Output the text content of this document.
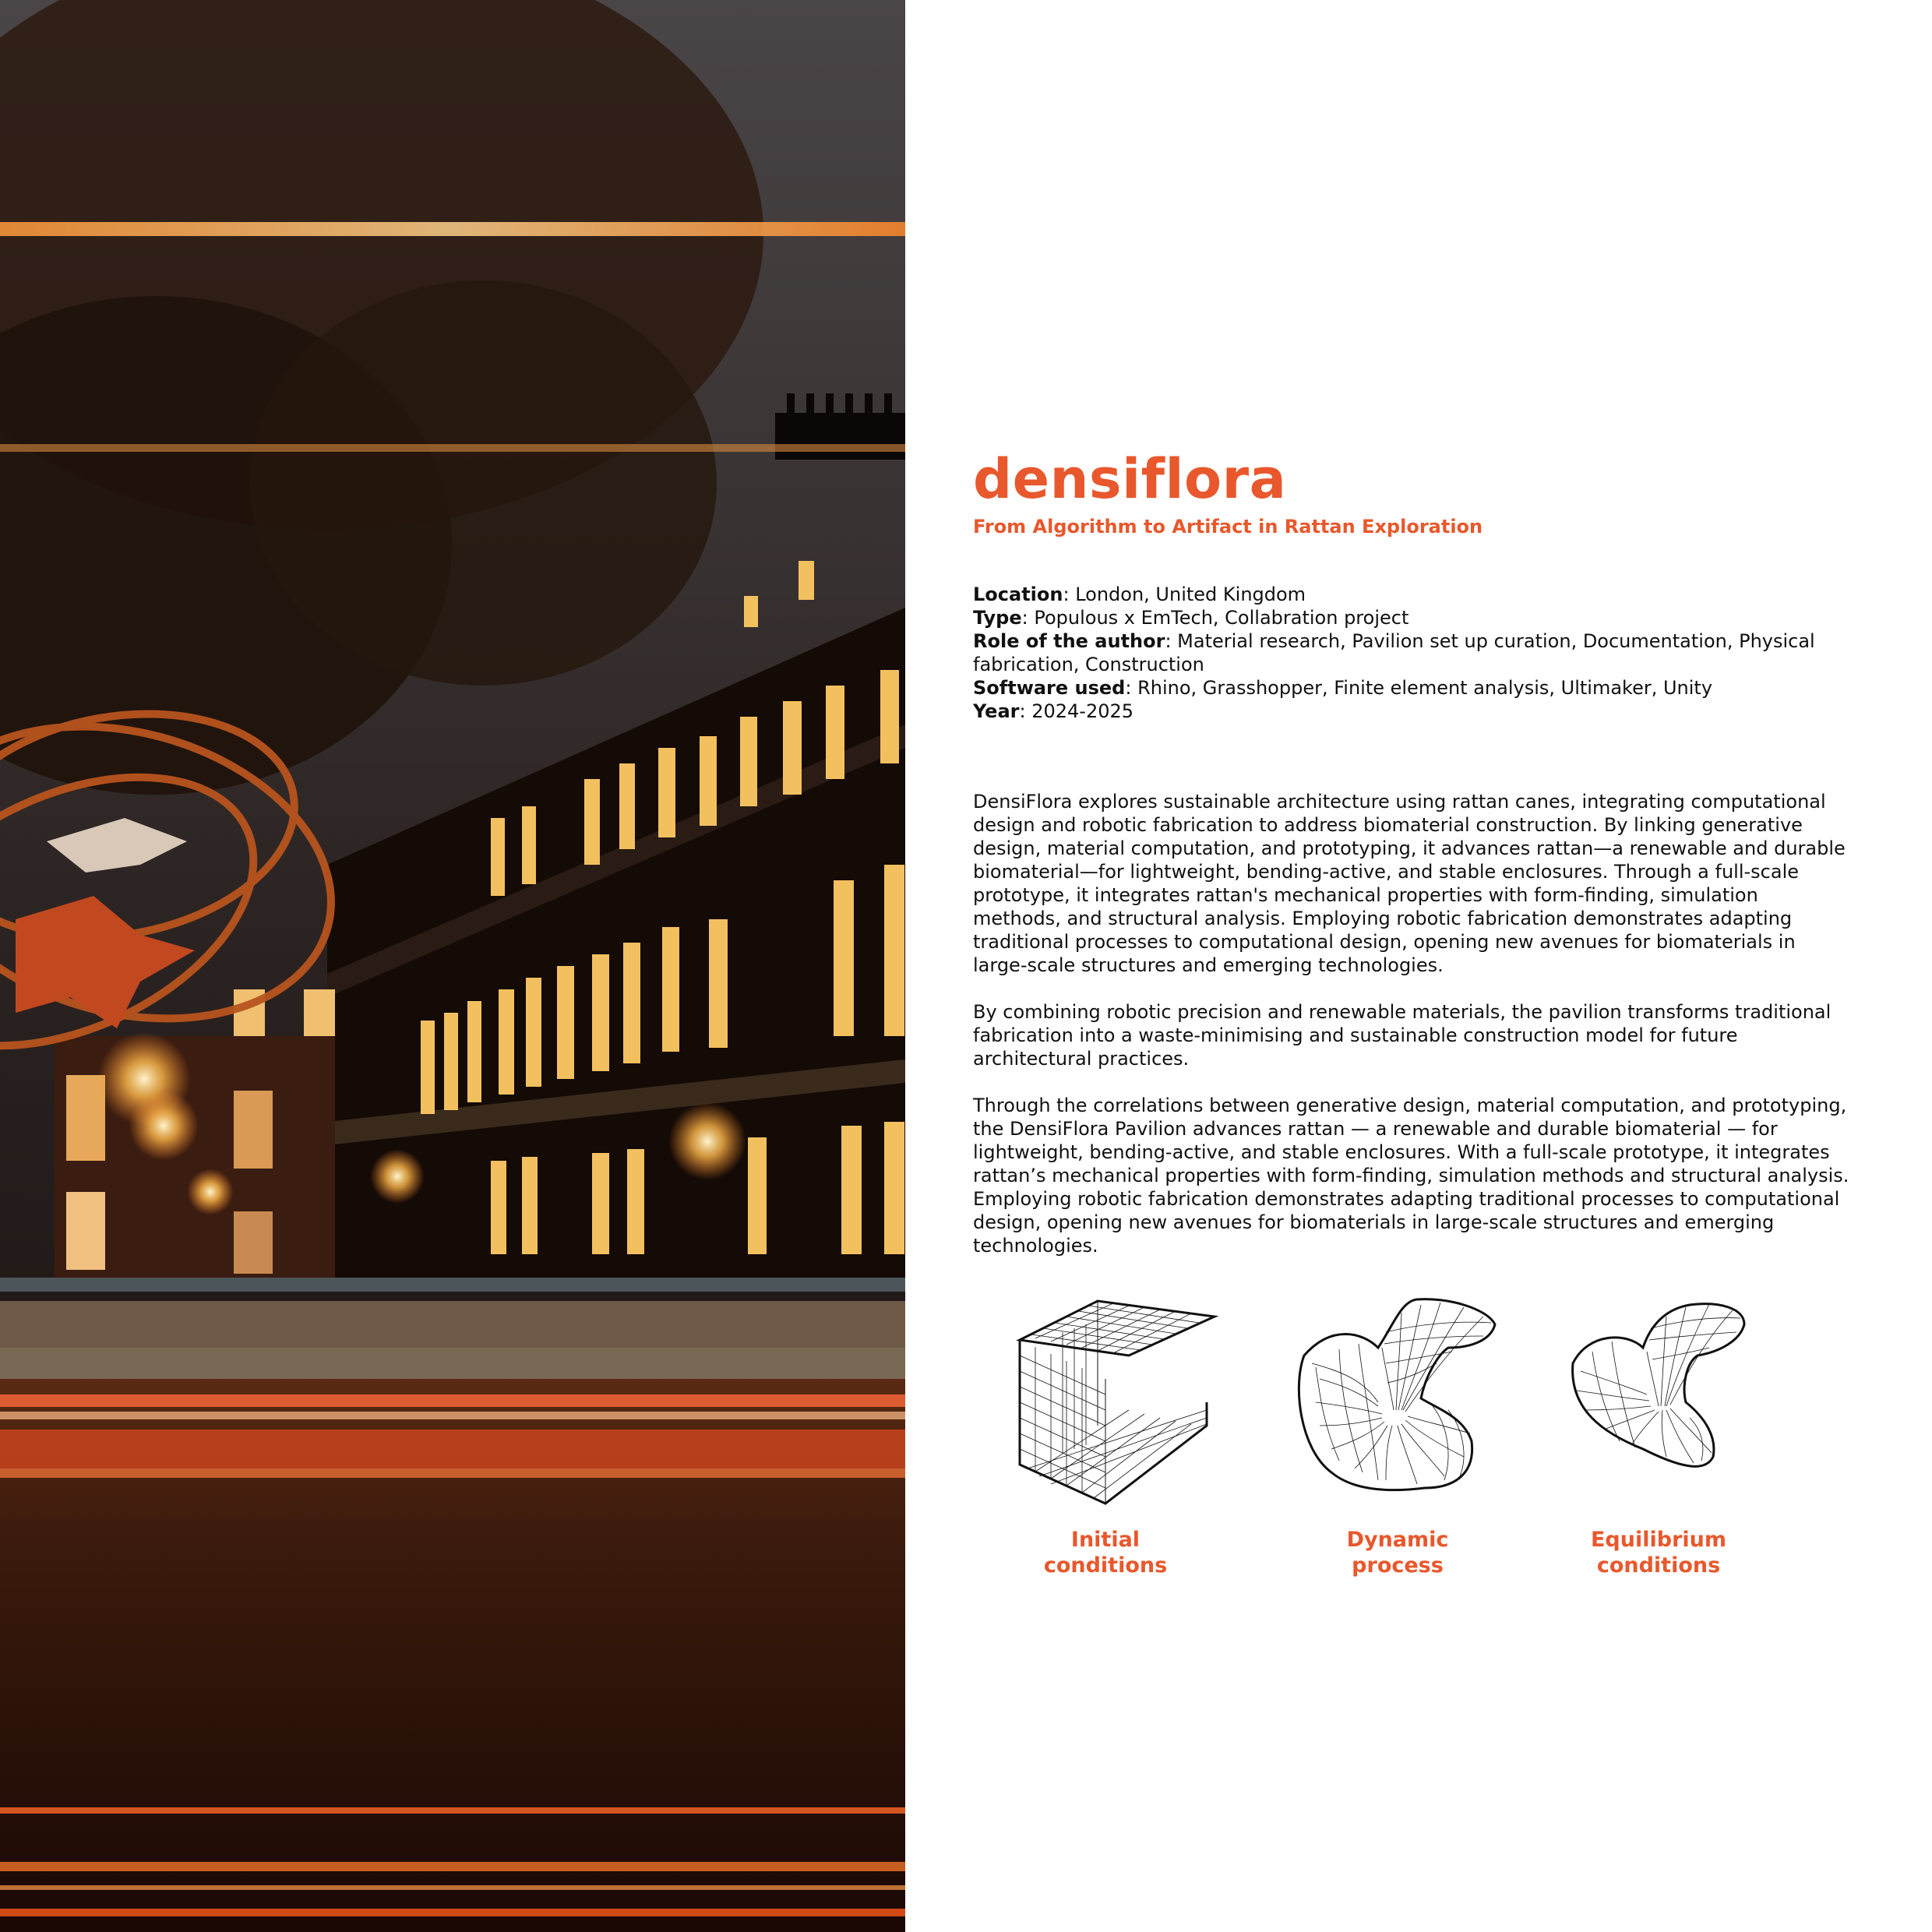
densiflora
From Algorithm to Artifact in Rattan Exploration
Location: London, United Kingdom
Type: Populous x EmTech, Collabration project
Role of the author: Material research, Pavilion set up curation, Documentation, Physical fabrication, Construction
Software used: Rhino, Grasshopper, Finite element analysis, Ultimaker, Unity
Year: 2024-2025

DensiFlora explores sustainable architecture using rattan canes, integrating computational design and robotic fabrication to address biomaterial construction. By linking generative design, material computation, and prototyping, it advances rattan—a renewable and durable biomaterial—for lightweight, bending-active, and stable enclosures. Through a full-scale prototype, it integrates rattan's mechanical properties with form-finding, simulation methods, and structural analysis. Employing robotic fabrication demonstrates adapting traditional processes to computational design, opening new avenues for biomaterials in large-scale structures and emerging technologies.

By combining robotic precision and renewable materials, the pavilion transforms traditional fabrication into a waste-minimising and sustainable construction model for future architectural practices.

Through the correlations between generative design, material computation, and prototyping, the DensiFlora Pavilion advances rattan — a renewable and durable biomaterial — for lightweight, bending-active, and stable enclosures. With a full-scale prototype, it integrates rattan’s mechanical properties with form-finding, simulation methods and structural analysis. Employing robotic fabrication demonstrates adapting traditional processes to computational design, opening new avenues for biomaterials in large-scale structures and emerging technologies.

Initial
conditions
Dynamic
process
Equilibrium
conditions
